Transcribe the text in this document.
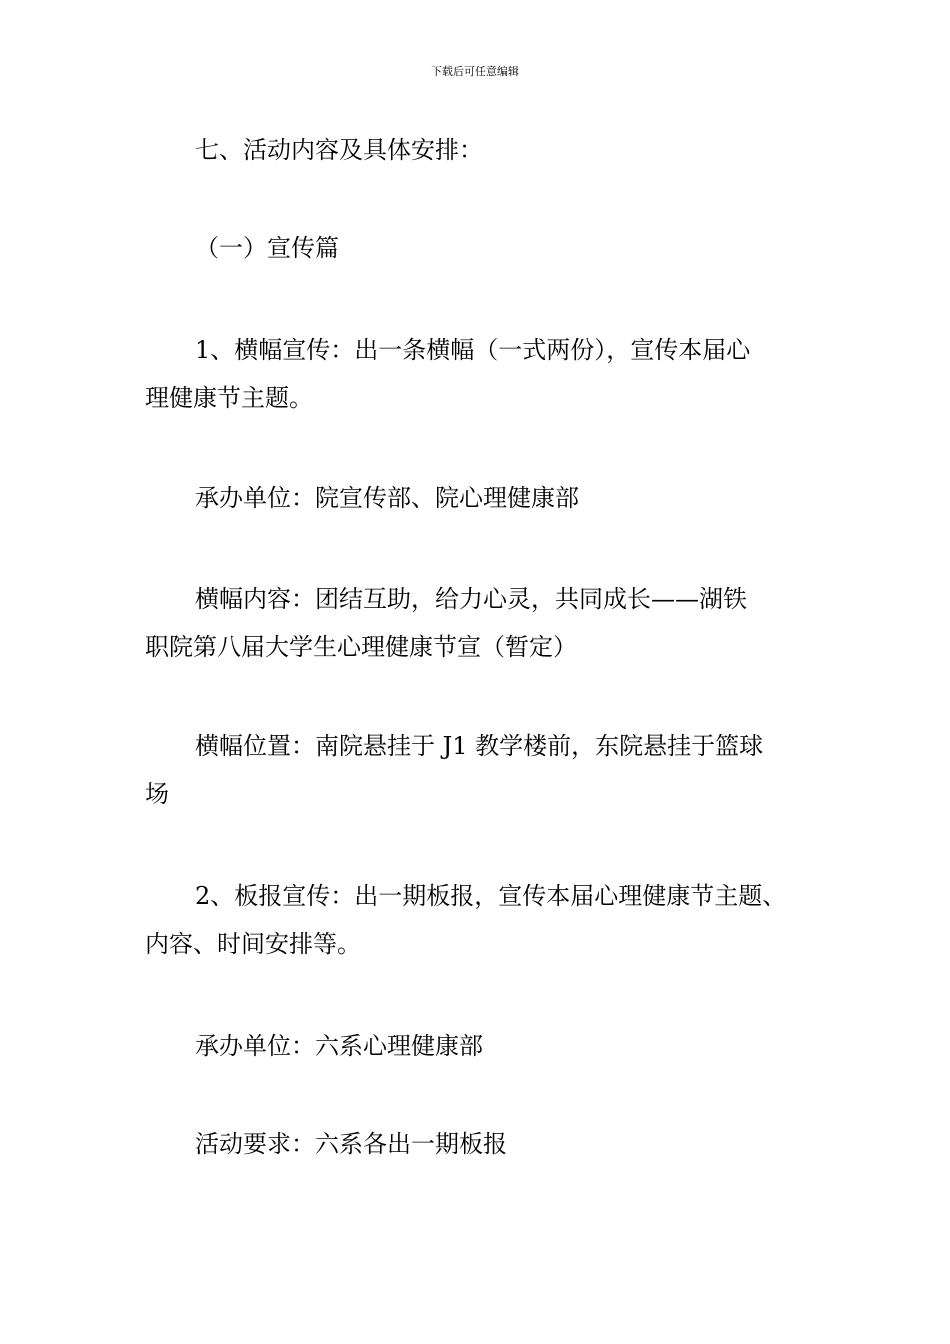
下载后可任意编辑
七、活动内容及具体安排：
（一）宣传篇
1、横幅宣传：出一条横幅（一式两份），宣传本届心
理健康节主题。
承办单位：院宣传部、院心理健康部
横幅内容：团结互助，给力心灵，共同成长——湖铁
职院第八届大学生心理健康节宣（暂定）
横幅位置：南院悬挂于 J1 教学楼前，东院悬挂于篮球
场
2、板报宣传：出一期板报，宣传本届心理健康节主题、
内容、时间安排等。
承办单位：六系心理健康部
活动要求：六系各出一期板报
